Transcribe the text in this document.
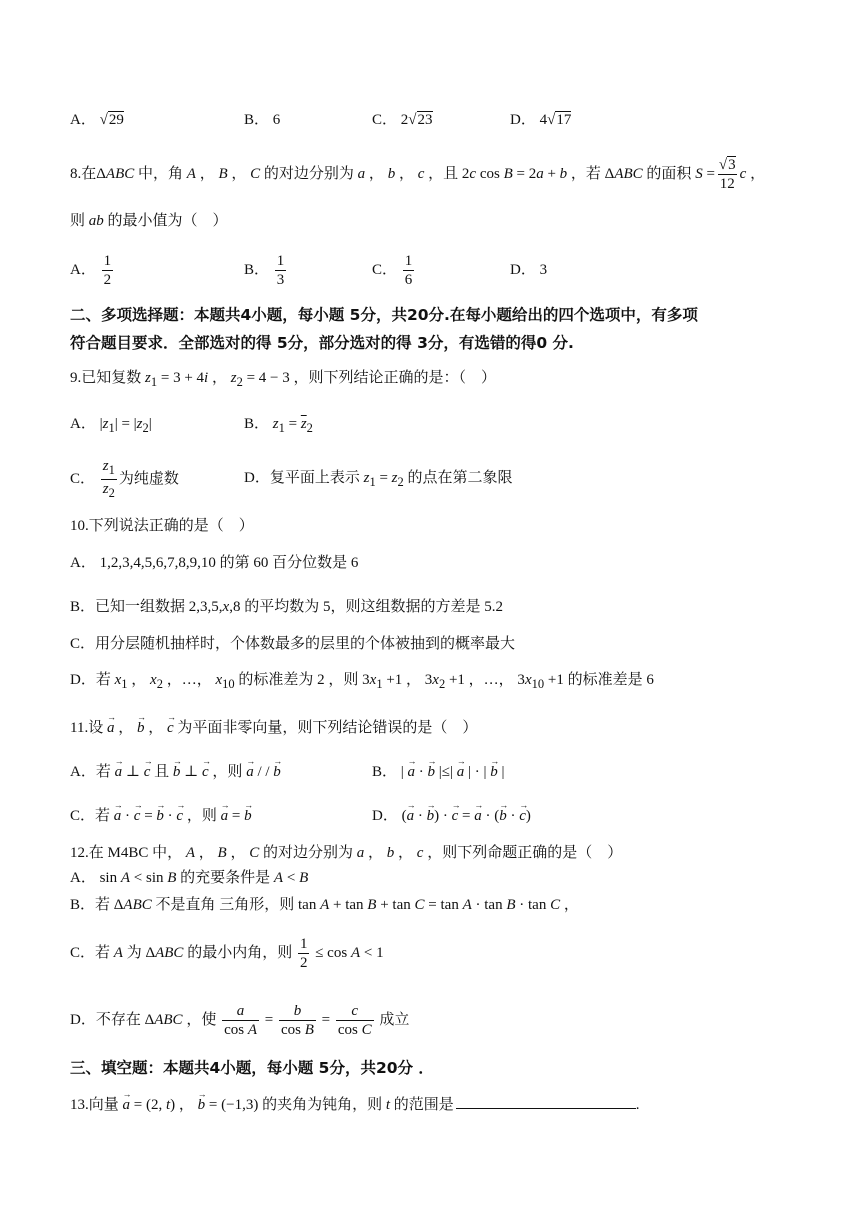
A． √29	B． 6	C． 2√23	D． 4√17
8.在Δ ABC 中，角 A ， B ， C 的对边分别为 a ， b ， c ，且 2 c cos B = 2 a + b ，若 Δ ABC 的面积 $S = \frac{√3}{12}$ c ，
则 ab 的最小值为（　）
A． $\frac{1}{2}$	B． $\frac{1}{3}$	C． $\frac{1}{6}$	D． 3
二、多项选择题：本题共4小题，每小题 5分，共20分.在每小题给出的四个选项中，有多项
符合题目要求．全部选对的得 5分，部分选对的得 3分，有选错的得0 分.
9.已知复数 $z_1 = 3 + 4i$ ， $z_2 = 4 - 3$ ，则下列结论正确的是：（　）
A． $|z_1| = |z_2|$	B． $z_1 = \overline{z}_2$
C． $\frac{z_1}{z_2}$ 为纯虚数	D．复平面上表示 $z_1 = z_2$ 的点在第二象限
10.下列说法正确的是（　）
A． 1,2,3,4,5,6,7,8,9,10 的第 60 百分位数是 6
B．已知一组数据 2,3,5,x,8 的平均数为 5，则这组数据的方差是 5.2
C．用分层随机抽样时，个体数最多的层里的个体被抽到的概率最大
D．若 $x_1$ ， $x_2$ ，…， $x_{10}$ 的标准差为 2 ，则 $3x_1 +1$ ， $3x_2 +1$ ，…， $3x_{10} +1$ 的标准差是 6
11.设 → a ， → b ， → c 为平面非零向量，则下列结论错误的是（　）
A．若 → a ⊥ → c 且 → b ⊥ → c ，则 → a / / → b	B． | → a · → b |≤| → a | · | → b |
C．若 → a · → c = → b · → c ，则 → a = → b	D． (→ a · → b) · → c = → a · (→ b · → c)
12.在 M4BC 中， A ， B ， C 的对边分别为 a ， b ， c ，则下列命题正确的是（　）
A． sin A < sin B 的充要条件是 A < B
B．若 ΔABC 不是直角 三角形，则 tan A + tan B + tan C = tan A · tan B · tan C ，
C．若 A 为 Δ ABC 的最小内角，则 $\frac{1}{2} \le \cos A < 1$
D．不存在 Δ ABC ，使 $\frac{a}{\text{cos A}} = \frac{b}{\text{cos B}} = \frac{c}{\text{cos C}}$ 成立
三、填空题：本题共4小题，每小题 5分，共20分 ．
13.向量 → a = (2, t) ， → b = (−1,3) 的夹角为钝角，则 t 的范围是	.
